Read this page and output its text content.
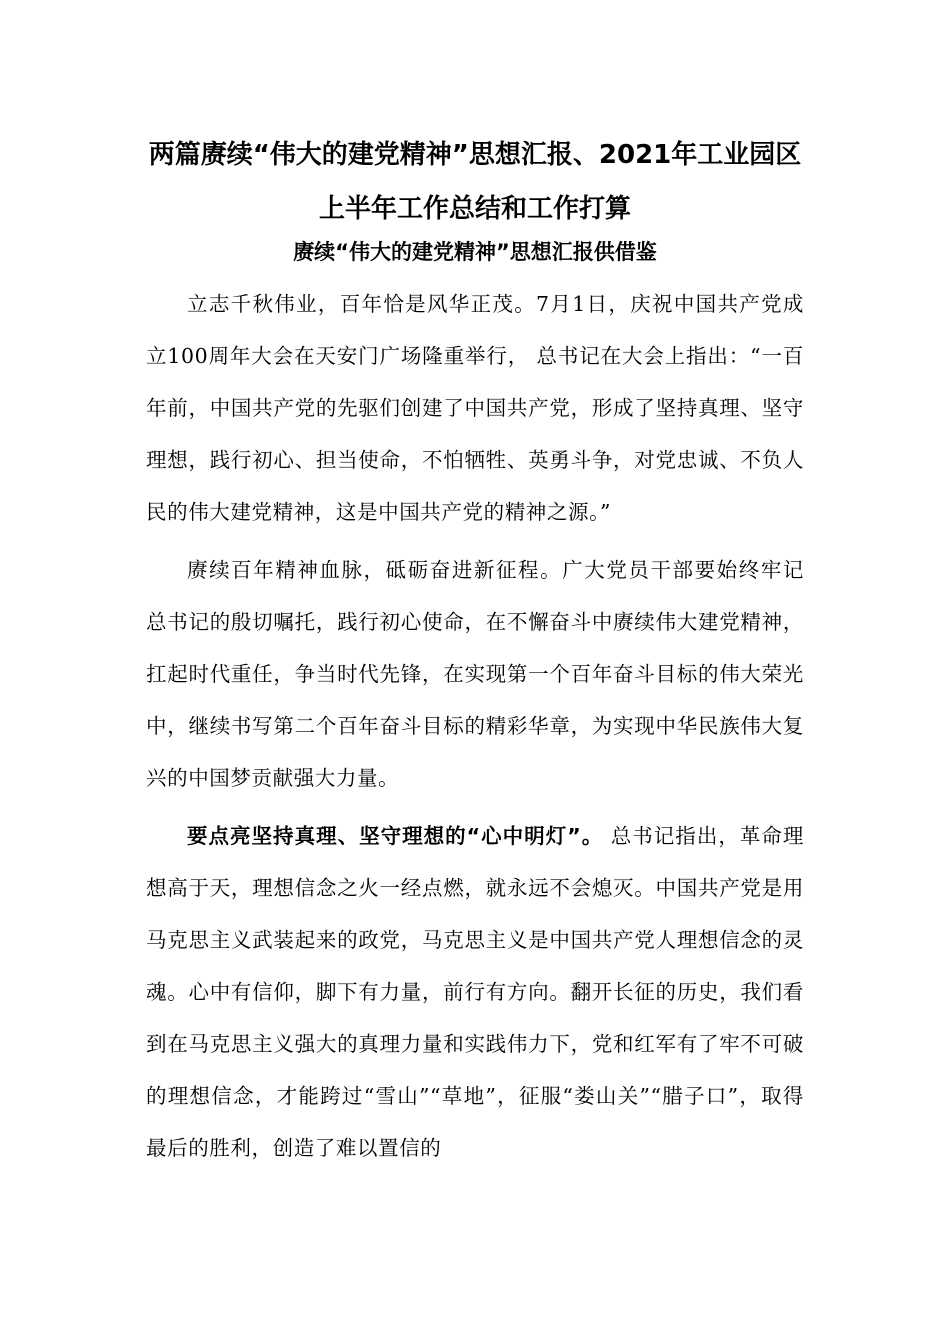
两篇赓续“伟大的建党精神”思想汇报、2021年工业园区
上半年工作总结和工作打算
赓续“伟大的建党精神”思想汇报供借鉴

立志千秋伟业，百年恰是风华正茂。7月1日，庆祝中国共产党成立100周年大会在天安门广场隆重举行， 总书记在大会上指出：“一百年前，中国共产党的先驱们创建了中国共产党，形成了坚持真理、坚守理想，践行初心、担当使命，不怕牺牲、英勇斗争，对党忠诚、不负人民的伟大建党精神，这是中国共产党的精神之源。”

赓续百年精神血脉，砥砺奋进新征程。广大党员干部要始终牢记 总书记的殷切嘱托，践行初心使命，在不懈奋斗中赓续伟大建党精神，扛起时代重任，争当时代先锋，在实现第一个百年奋斗目标的伟大荣光中，继续书写第二个百年奋斗目标的精彩华章，为实现中华民族伟大复兴的中国梦贡献强大力量。

要点亮坚持真理、坚守理想的“心中明灯”。 总书记指出，革命理想高于天，理想信念之火一经点燃，就永远不会熄灭。中国共产党是用马克思主义武装起来的政党，马克思主义是中国共产党人理想信念的灵魂。心中有信仰，脚下有力量，前行有方向。翻开长征的历史，我们看到在马克思主义强大的真理力量和实践伟力下，党和红军有了牢不可破的理想信念，才能跨过“雪山”“草地”，征服“娄山关”“腊子口”，取得最后的胜利，创造了难以置信的
